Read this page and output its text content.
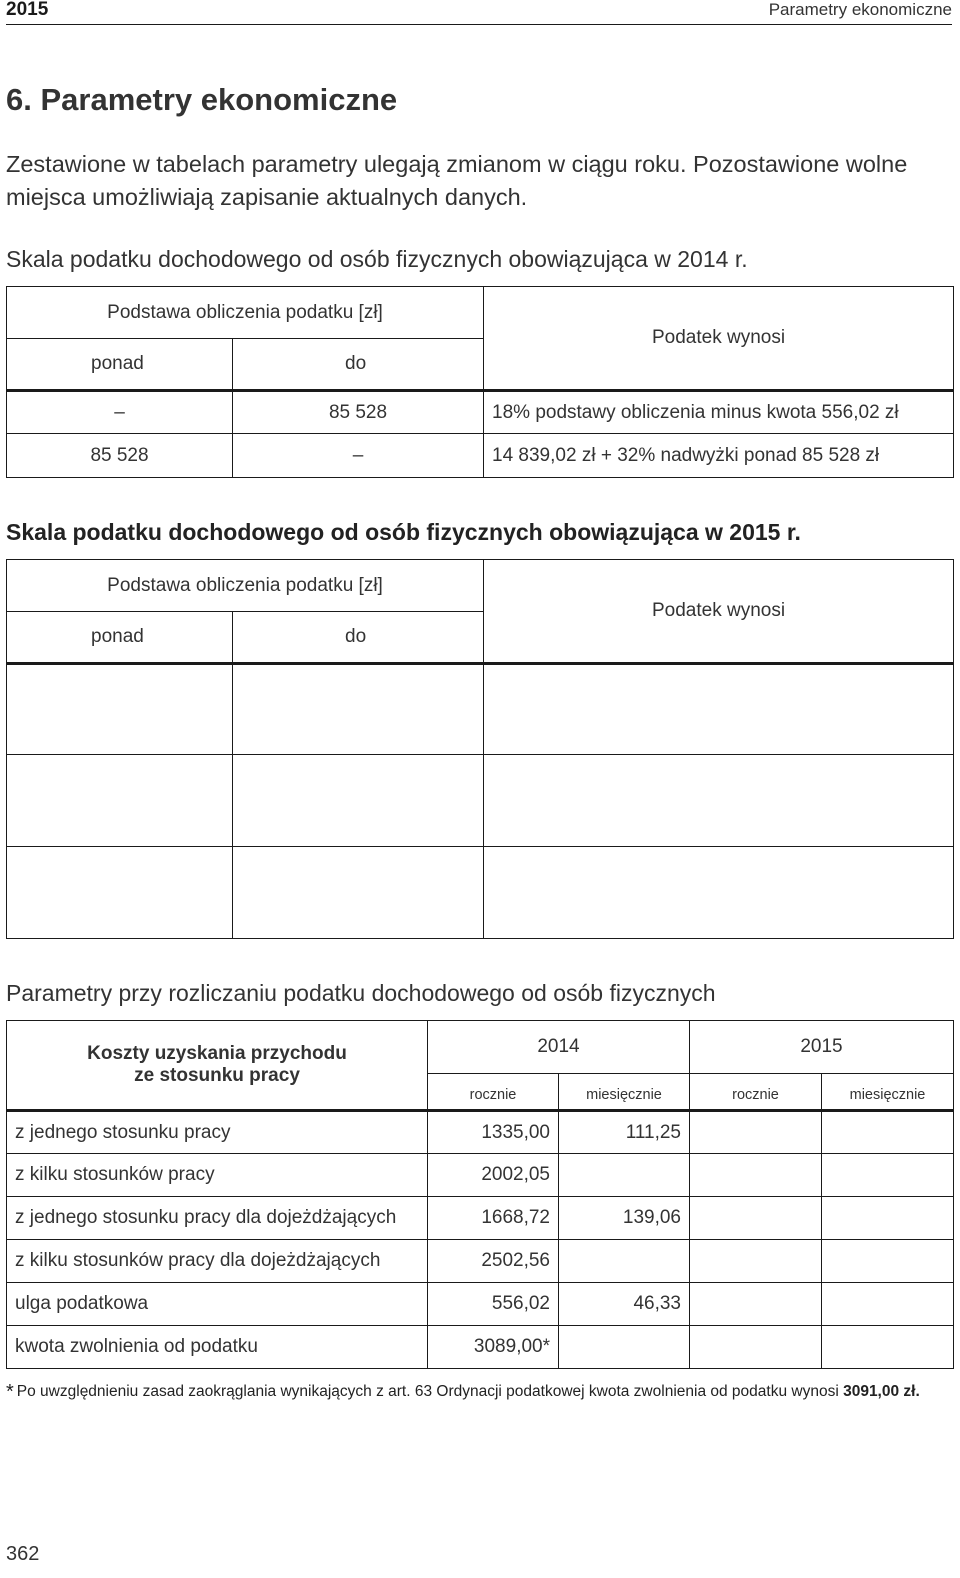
2015	Parametry ekonomiczne
6. Parametry ekonomiczne

Zestawione w tabelach parametry ulegają zmianom w ciągu roku. Pozostawione wolne miejsca umożliwiają zapisanie aktualnych danych.

Skala podatku dochodowego od osób fizycznych obowiązująca w 2014 r.
Podstawa obliczenia podatku [zł]		Podatek wynosi
ponad	do	
–	85 528	18% podstawy obliczenia minus kwota 556,02 zł
85 528	–	14 839,02 zł + 32% nadwyżki ponad 85 528 zł
Skala podatku dochodowego od osób fizycznych obowiązująca w 2015 r.
Podstawa obliczenia podatku [zł]		Podatek wynosi
ponad	do	

Parametry przy rozliczaniu podatku dochodowego od osób fizycznych
Koszty uzyskania przychodu
ze stosunku pracy	2014		2015	
	rocznie	miesięcznie	rocznie	miesięcznie
z jednego stosunku pracy	1335,00	111,25		
z kilku stosunków pracy	2002,05			
z jednego stosunku pracy dla dojeżdżających	1668,72	139,06		
z kilku stosunków pracy dla dojeżdżających	2502,56			
ulga podatkowa	556,02	46,33		
kwota zwolnienia od podatku	3089,00*			
* Po uwzględnieniu zasad zaokrąglania wynikających z art. 63 Ordynacji podatkowej kwota zwolnienia od podatku wynosi 3091,00 zł.
362
